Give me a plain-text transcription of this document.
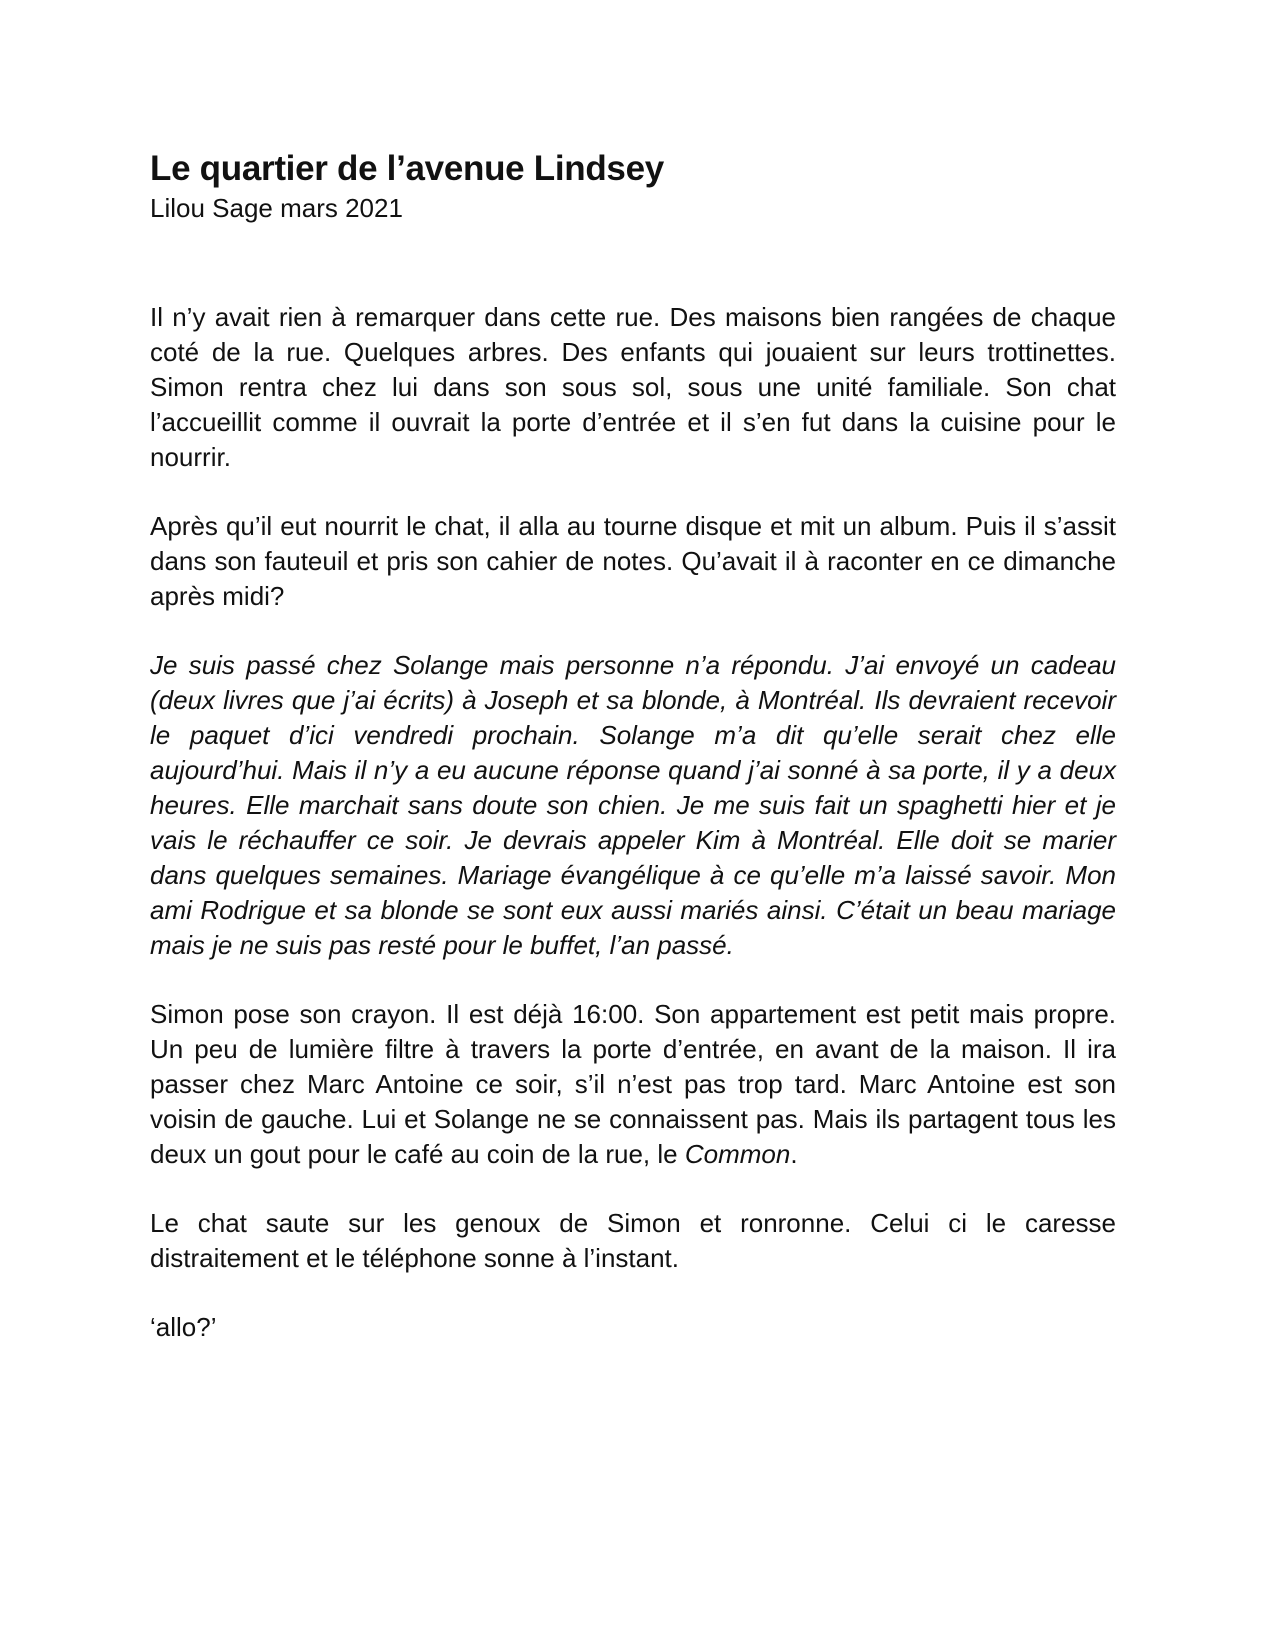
Le quartier de l’avenue Lindsey
Lilou Sage mars 2021

Il n’y avait rien à remarquer dans cette rue. Des maisons bien rangées de chaque coté de la rue. Quelques arbres. Des enfants qui jouaient sur leurs trottinettes. Simon rentra chez lui dans son sous sol, sous une unité familiale. Son chat l’accueillit comme il ouvrait la porte d’entrée et il s’en fut dans la cuisine pour le nourrir.

Après qu’il eut nourrit le chat, il alla au tourne disque et mit un album. Puis il s’assit dans son fauteuil et pris son cahier de notes. Qu’avait il à raconter en ce dimanche après midi?

Je suis passé chez Solange mais personne n’a répondu. J’ai envoyé un cadeau (deux livres que j’ai écrits) à Joseph et sa blonde, à Montréal. Ils devraient recevoir le paquet d’ici vendredi prochain. Solange m’a dit qu’elle serait chez elle aujourd’hui. Mais il n’y a eu aucune réponse quand j’ai sonné à sa porte, il y a deux heures. Elle marchait sans doute son chien. Je me suis fait un spaghetti hier et je vais le réchauffer ce soir. Je devrais appeler Kim à Montréal. Elle doit se marier dans quelques semaines. Mariage évangélique à ce qu’elle m’a laissé savoir. Mon ami Rodrigue et sa blonde se sont eux aussi mariés ainsi. C’était un beau mariage mais je ne suis pas resté pour le buffet, l’an passé.

Simon pose son crayon. Il est déjà 16:00. Son appartement est petit mais propre. Un peu de lumière filtre à travers la porte d’entrée, en avant de la maison. Il ira passer chez Marc Antoine ce soir, s’il n’est pas trop tard. Marc Antoine est son voisin de gauche. Lui et Solange ne se connaissent pas. Mais ils partagent tous les deux un gout pour le café au coin de la rue, le Common.

Le chat saute sur les genoux de Simon et ronronne. Celui ci le caresse distraitement et le téléphone sonne à l’instant.

‘allo?’
